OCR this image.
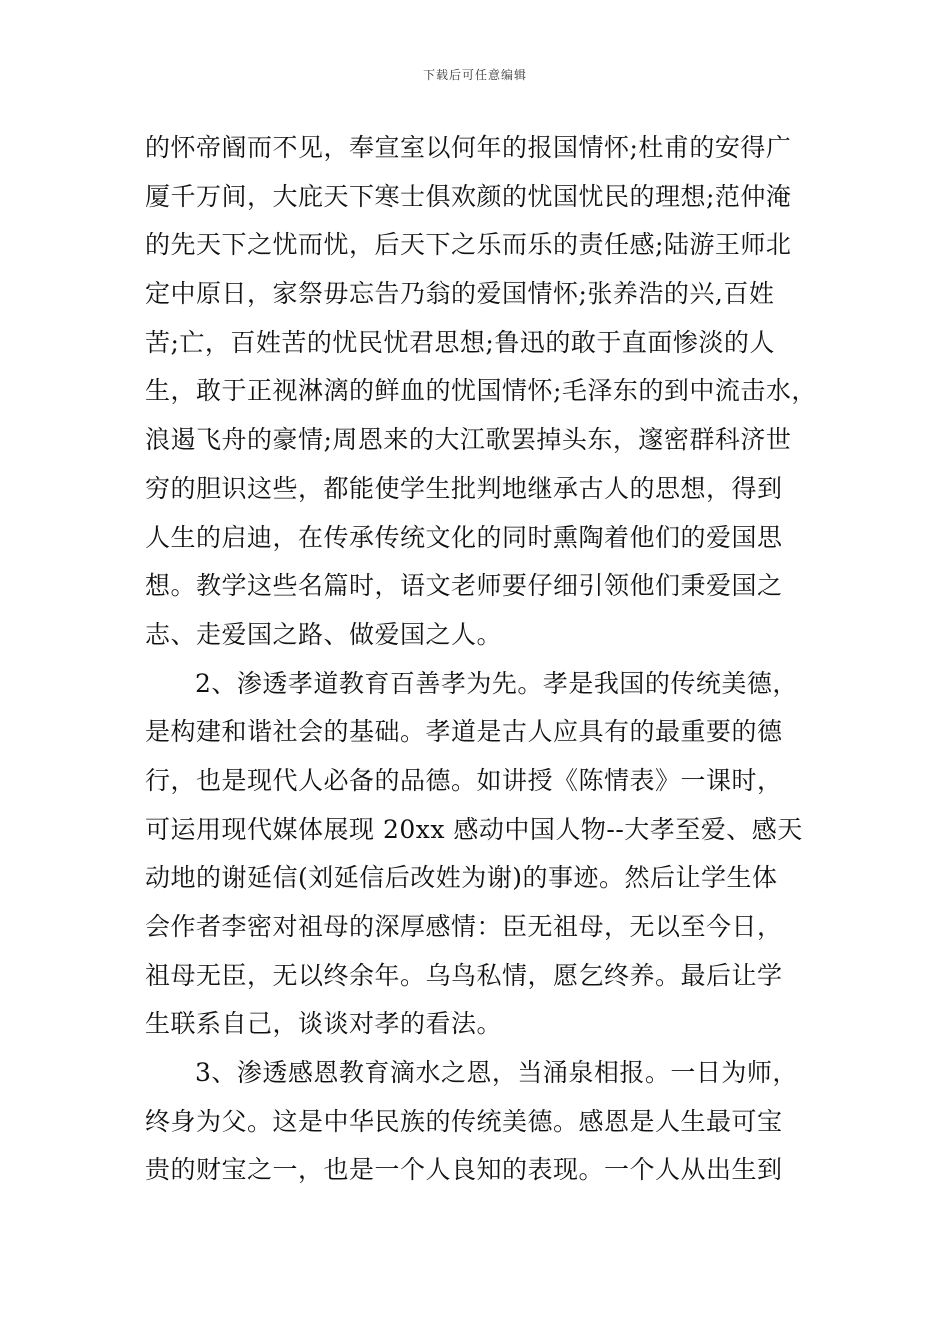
下载后可任意编辑
的怀帝阍而不见，奉宣室以何年的报国情怀;杜甫的安得广
厦千万间，大庇天下寒士俱欢颜的忧国忧民的理想;范仲淹
的先天下之忧而忧，后天下之乐而乐的责任感;陆游王师北
定中原日，家祭毋忘告乃翁的爱国情怀;张养浩的兴,百姓
苦;亡，百姓苦的忧民忧君思想;鲁迅的敢于直面惨淡的人
生，敢于正视淋漓的鲜血的忧国情怀;毛泽东的到中流击水，
浪遏飞舟的豪情;周恩来的大江歌罢掉头东，邃密群科济世
穷的胆识这些，都能使学生批判地继承古人的思想，得到
人生的启迪，在传承传统文化的同时熏陶着他们的爱国思
想。教学这些名篇时，语文老师要仔细引领他们秉爱国之
志、走爱国之路、做爱国之人。
2、渗透孝道教育百善孝为先。孝是我国的传统美德，
是构建和谐社会的基础。孝道是古人应具有的最重要的德
行，也是现代人必备的品德。如讲授《陈情表》一课时，
可运用现代媒体展现 20xx 感动中国人物--大孝至爱、感天
动地的谢延信(刘延信后改姓为谢)的事迹。然后让学生体
会作者李密对祖母的深厚感情：臣无祖母，无以至今日，
祖母无臣，无以终余年。乌鸟私情，愿乞终养。最后让学
生联系自己，谈谈对孝的看法。
3、渗透感恩教育滴水之恩，当涌泉相报。一日为师，
终身为父。这是中华民族的传统美德。感恩是人生最可宝
贵的财宝之一，也是一个人良知的表现。一个人从出生到
